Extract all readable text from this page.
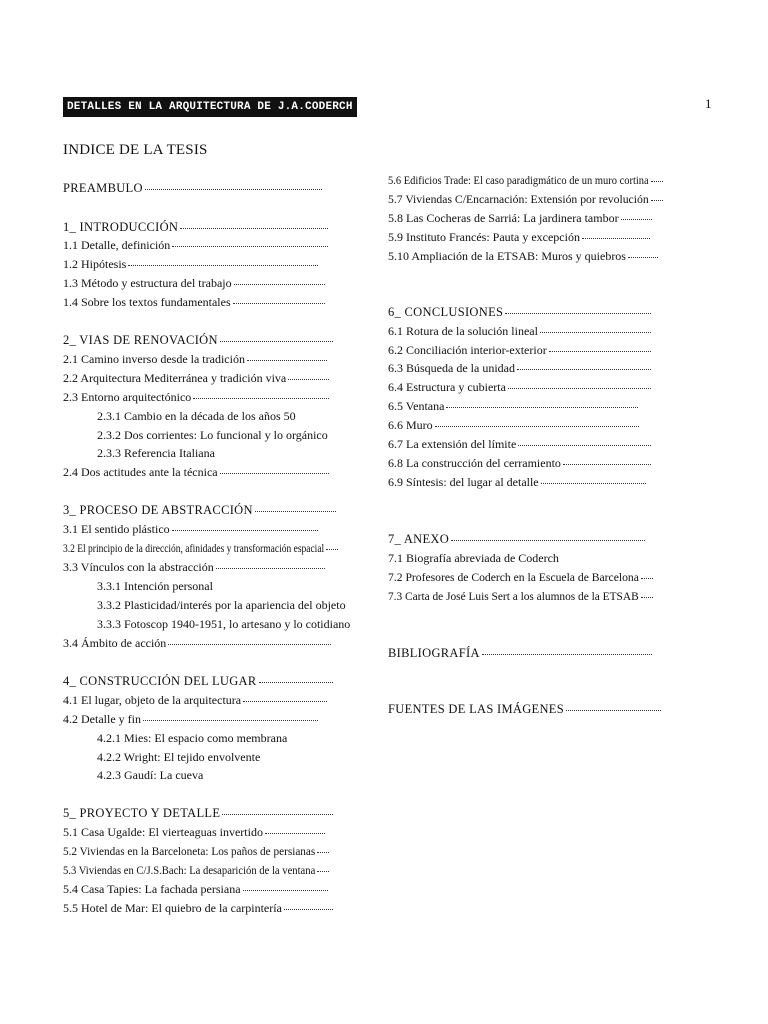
DETALLES EN LA ARQUITECTURA DE J.A.CODERCH	1
INDICE DE LA TESIS
PREAMBULO
1_ INTRODUCCIÓN
1.1 Detalle, definición
1.2 Hipótesis
1.3 Método y estructura del trabajo
1.4 Sobre los textos fundamentales
2_ VIAS DE RENOVACIÓN
2.1 Camino inverso desde la tradición
2.2 Arquitectura Mediterránea y tradición viva
2.3 Entorno arquitectónico
2.3.1 Cambio en la década de los años 50
2.3.2 Dos corrientes: Lo funcional y lo orgánico
2.3.3 Referencia Italiana
2.4 Dos actitudes ante la técnica
3_ PROCESO DE ABSTRACCIÓN
3.1 El sentido plástico
3.2 El principio de la dirección, afinidades y transformación espacial
3.3 Vínculos con la abstracción
3.3.1 Intención personal
3.3.2 Plasticidad/interés por la apariencia del objeto
3.3.3 Fotoscop 1940-1951, lo artesano y lo cotidiano
3.4 Ámbito de acción
4_ CONSTRUCCIÓN DEL LUGAR
4.1 El lugar, objeto de la arquitectura
4.2 Detalle y fin
4.2.1 Mies: El espacio como membrana
4.2.2 Wright: El tejido envolvente
4.2.3 Gaudí: La cueva
5_ PROYECTO Y DETALLE
5.1 Casa Ugalde: El vierteaguas invertido
5.2 Viviendas en la Barceloneta: Los paños de persianas
5.3 Viviendas en C/J.S.Bach: La desaparición de la ventana
5.4 Casa Tapies: La fachada persiana
5.5 Hotel de Mar: El quiebro de la carpintería
5.6 Edificios Trade: El caso paradigmático de un muro cortina
5.7 Viviendas C/Encarnación: Extensión por revolución
5.8 Las Cocheras de Sarriá: La jardinera tambor
5.9 Instituto Francés: Pauta y excepción
5.10 Ampliación de la ETSAB: Muros y quiebros
6_ CONCLUSIONES
6.1 Rotura de la solución lineal
6.2 Conciliación interior-exterior
6.3 Búsqueda de la unidad
6.4 Estructura y cubierta
6.5 Ventana
6.6 Muro
6.7 La extensión del límite
6.8 La construcción del cerramiento
6.9 Síntesis: del lugar al detalle
7_ ANEXO
7.1 Biografía abreviada de Coderch
7.2 Profesores de Coderch en la Escuela de Barcelona
7.3 Carta de José Luis Sert a los alumnos de la ETSAB
BIBLIOGRAFÍA
FUENTES DE LAS IMÁGENES
